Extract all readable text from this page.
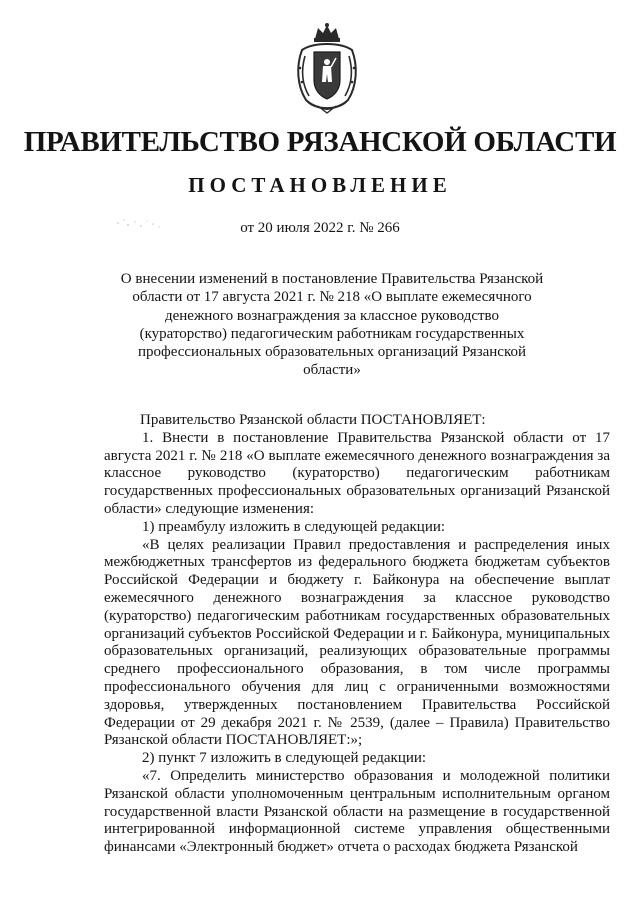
ПРАВИТЕЛЬСТВО РЯЗАНСКОЙ ОБЛАСТИ
ПОСТАНОВЛЕНИЕ
от 20 июля 2022 г. № 266
О внесении изменений в постановление Правительства Рязанской области от 17 августа 2021 г. № 218 «О выплате ежемесячного денежного вознаграждения за классное руководство (кураторство) педагогическим работникам государственных профессиональных образовательных организаций Рязанской области»

Правительство Рязанской области ПОСТАНОВЛЯЕТ:

1. Внести в постановление Правительства Рязанской области от 17 августа 2021 г. № 218 «О выплате ежемесячного денежного вознаграждения за классное руководство (кураторство) педагогическим работникам государственных профессиональных образовательных организаций Рязанской области» следующие изменения:

1) преамбулу изложить в следующей редакции:

«В целях реализации Правил предоставления и распределения иных межбюджетных трансфертов из федерального бюджета бюджетам субъектов Российской Федерации и бюджету г. Байконура на обеспечение выплат ежемесячного денежного вознаграждения за классное руководство (кураторство) педагогическим работникам государственных образовательных организаций субъектов Российской Федерации и г. Байконура, муниципальных образовательных организаций, реализующих образовательные программы среднего профессионального образования, в том числе программы профессионального обучения для лиц с ограниченными возможностями здоровья, утвержденных постановлением Правительства Российской Федерации от 29 декабря 2021 г. № 2539, (далее – Правила) Правительство Рязанской области ПОСТАНОВЛЯЕТ:»;

2) пункт 7 изложить в следующей редакции:

«7. Определить министерство образования и молодежной политики Рязанской области уполномоченным центральным исполнительным органом государственной власти Рязанской области на размещение в государственной интегрированной информационной системе управления общественными финансами «Электронный бюджет» отчета о расходах бюджета Рязанской
